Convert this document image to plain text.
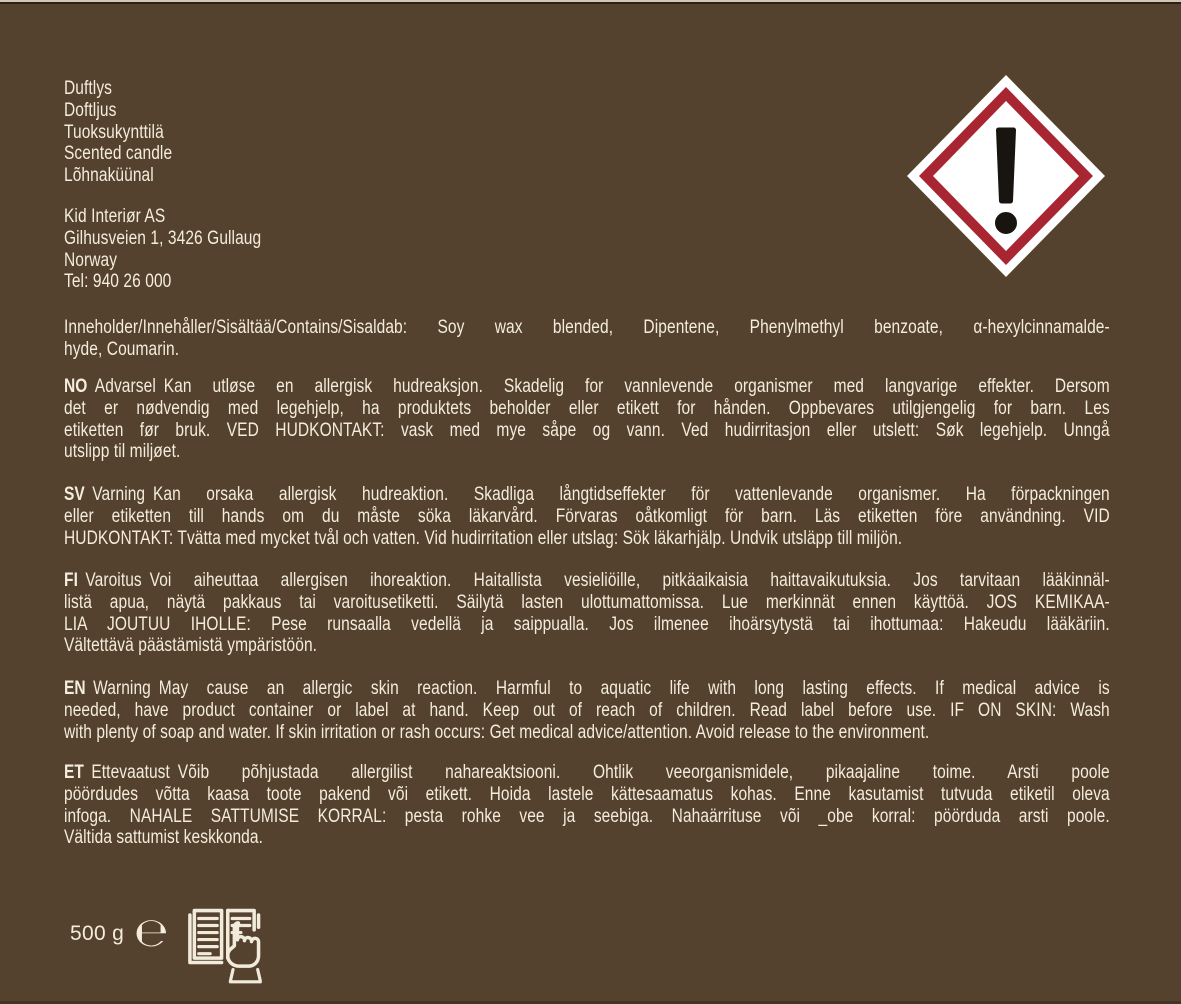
Duftlys
Doftljus
Tuoksukynttilä
Scented candle
Lõhnaküünal
Kid Interiør AS
Gilhusveien 1, 3426 Gullaug
Norway
Tel: 940 26 000
Inneholder/Innehåller/Sisältää/Contains/Sisaldab: Soy wax blended, Dipentene, Phenylmethyl benzoate, α-hexylcinnamalde-
hyde, Coumarin.
NO Advarsel Kan utløse en allergisk hudreaksjon. Skadelig for vannlevende organismer med langvarige effekter. Dersom
det er nødvendig med legehjelp, ha produktets beholder eller etikett for hånden. Oppbevares utilgjengelig for barn. Les
etiketten før bruk. VED HUDKONTAKT: vask med mye såpe og vann. Ved hudirritasjon eller utslett: Søk legehjelp. Unngå
utslipp til miljøet.
SV Varning Kan orsaka allergisk hudreaktion. Skadliga långtidseffekter för vattenlevande organismer. Ha förpackningen
eller etiketten till hands om du måste söka läkarvård. Förvaras oåtkomligt för barn. Läs etiketten före användning. VID
HUDKONTAKT: Tvätta med mycket tvål och vatten. Vid hudirritation eller utslag: Sök läkarhjälp. Undvik utsläpp till miljön.
FI Varoitus Voi aiheuttaa allergisen ihoreaktion. Haitallista vesieliöille, pitkäaikaisia haittavaikutuksia. Jos tarvitaan lääkinnäl-
listä apua, näytä pakkaus tai varoitusetiketti. Säilytä lasten ulottumattomissa. Lue merkinnät ennen käyttöä. JOS KEMIKAA-
LIA JOUTUU IHOLLE: Pese runsaalla vedellä ja saippualla. Jos ilmenee ihoärsytystä tai ihottumaa: Hakeudu lääkäriin.
Vältettävä päästämistä ympäristöön.
EN Warning May cause an allergic skin reaction. Harmful to aquatic life with long lasting effects. If medical advice is
needed, have product container or label at hand. Keep out of reach of children. Read label before use. IF ON SKIN: Wash
with plenty of soap and water. If skin irritation or rash occurs: Get medical advice/attention. Avoid release to the environment.
ET Ettevaatust Võib põhjustada allergilist nahareaktsiooni. Ohtlik veeorganismidele, pikaajaline toime. Arsti poole
pöördudes võtta kaasa toote pakend või etikett. Hoida lastele kättesaamatus kohas. Enne kasutamist tutvuda etiketil oleva
infoga. NAHALE SATTUMISE KORRAL: pesta rohke vee ja seebiga. Nahaärrituse või _obe korral: pöörduda arsti poole.
Vältida sattumist keskkonda.
500 g ℮
